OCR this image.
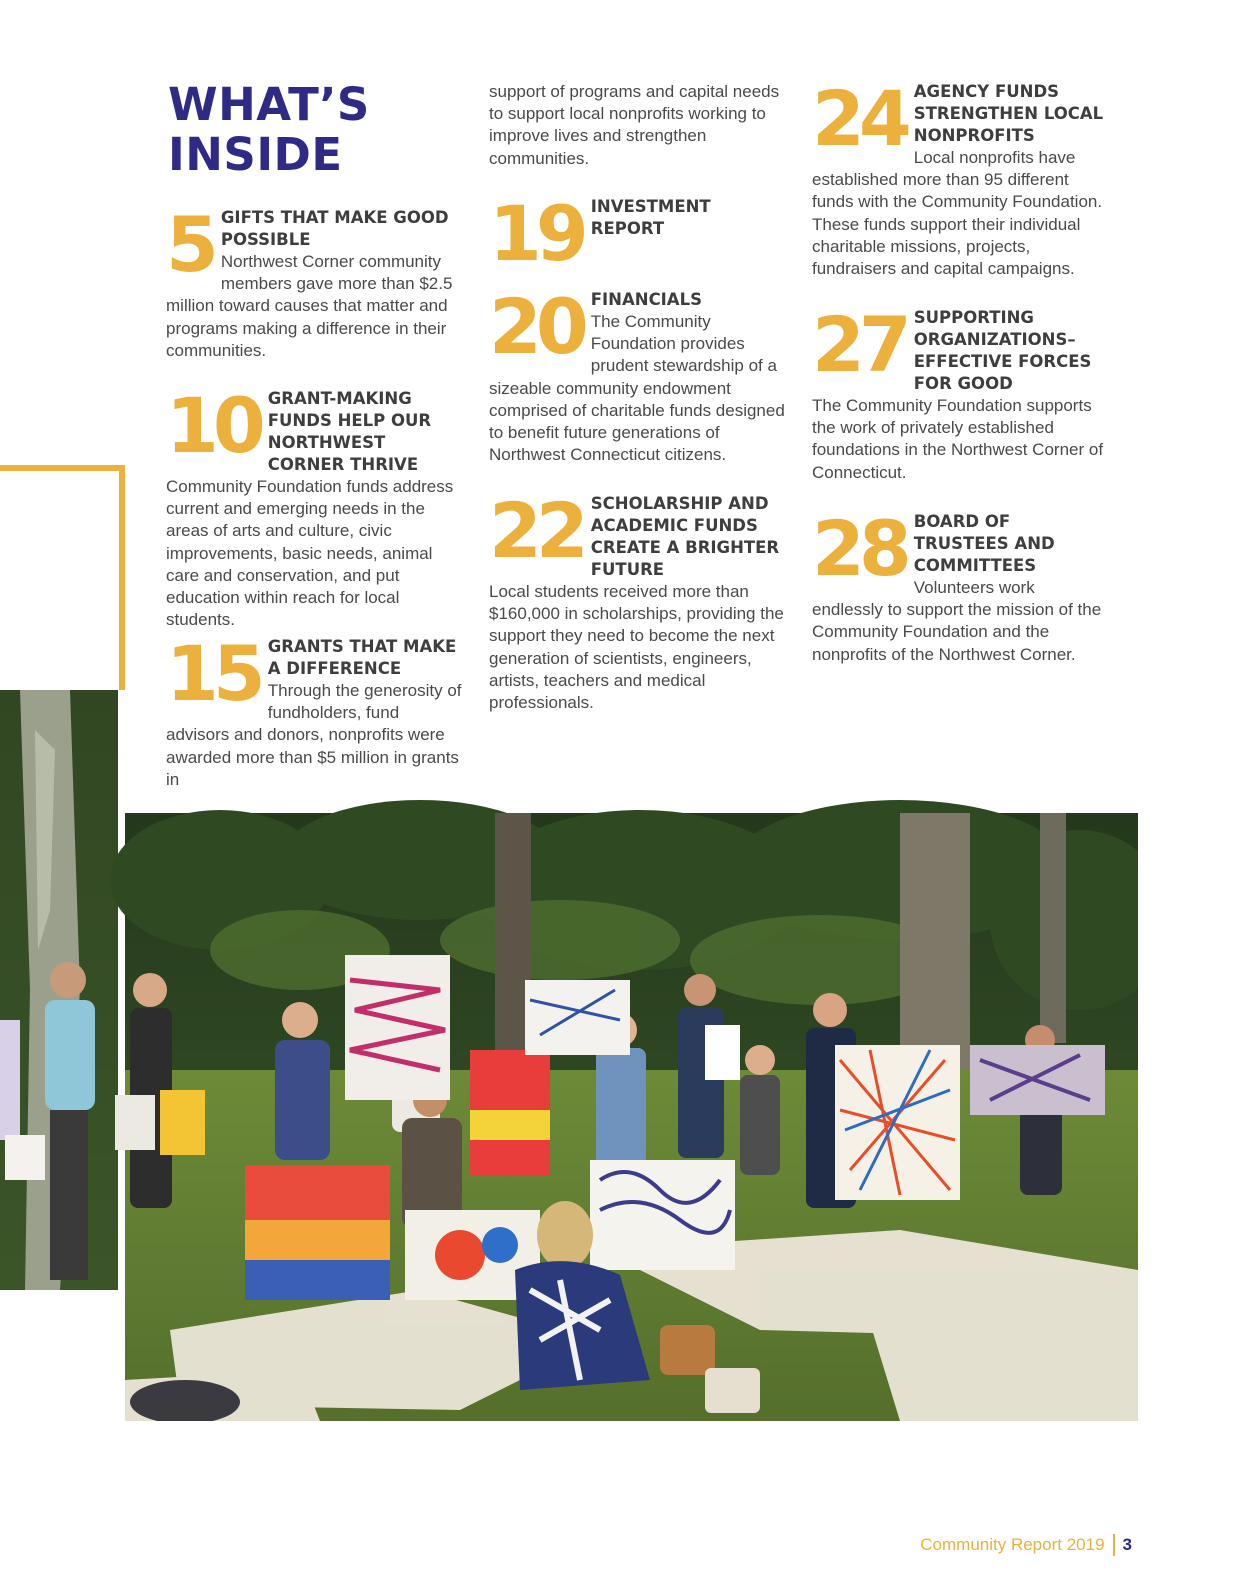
WHAT’S
INSIDE
5 GIFTS THAT MAKE GOOD POSSIBLE
Northwest Corner community members gave more than $2.5 million toward causes that matter and programs making a difference in their communities.
10 GRANT-MAKING FUNDS HELP OUR NORTHWEST CORNER THRIVE
Community Foundation funds address current and emerging needs in the areas of arts and culture, civic improvements, basic needs, animal care and conservation, and put education within reach for local students.
15 GRANTS THAT MAKE A DIFFERENCE
Through the generosity of fundholders, fund advisors and donors, nonprofits were awarded more than $5 million in grants in
support of programs and capital needs to support local nonprofits working to improve lives and strengthen communities.
19 INVESTMENT REPORT
20 FINANCIALS
The Community Foundation provides prudent stewardship of a sizeable community endowment comprised of charitable funds designed to benefit future generations of Northwest Connecticut citizens.
22 SCHOLARSHIP AND ACADEMIC FUNDS CREATE A BRIGHTER FUTURE
Local students received more than $160,000 in scholarships, providing the support they need to become the next generation of scientists, engineers, artists, teachers and medical professionals.
24 AGENCY FUNDS STRENGTHEN LOCAL NONPROFITS
Local nonprofits have established more than 95 different funds with the Community Foundation. These funds support their individual charitable missions, projects, fundraisers and capital campaigns.
27 SUPPORTING ORGANIZATIONS– EFFECTIVE FORCES FOR GOOD
The Community Foundation supports the work of privately established foundations in the Northwest Corner of Connecticut.
28 BOARD OF TRUSTEES AND COMMITTEES
Volunteers work endlessly to support the mission of the Community Foundation and the nonprofits of the Northwest Corner.
Community Report 2019 3
